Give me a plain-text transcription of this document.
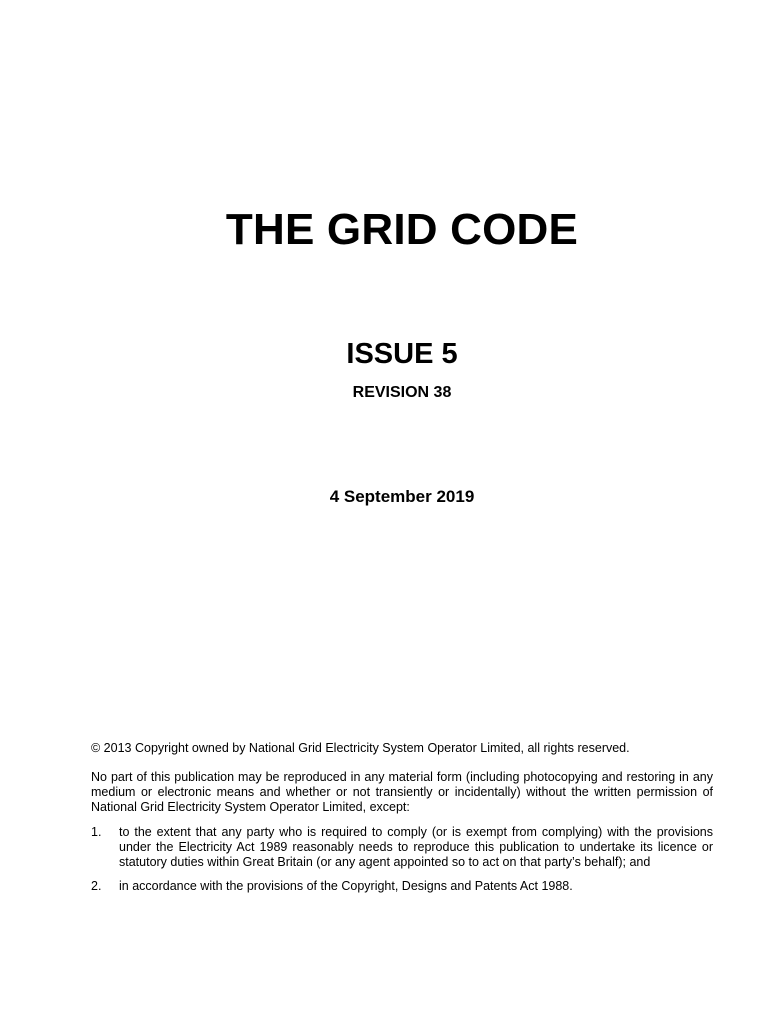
THE GRID CODE
ISSUE 5
REVISION 38
4 September 2019
© 2013 Copyright owned by National Grid Electricity System Operator Limited, all rights reserved.
No part of this publication may be reproduced in any material form (including photocopying and restoring in any medium or electronic means and whether or not transiently or incidentally) without the written permission of National Grid Electricity System Operator Limited, except:
1.	to the extent that any party who is required to comply (or is exempt from complying) with the provisions under the Electricity Act 1989 reasonably needs to reproduce this publication to undertake its licence or statutory duties within Great Britain (or any agent appointed so to act on that party’s behalf); and
2.	in accordance with the provisions of the Copyright, Designs and Patents Act 1988.
